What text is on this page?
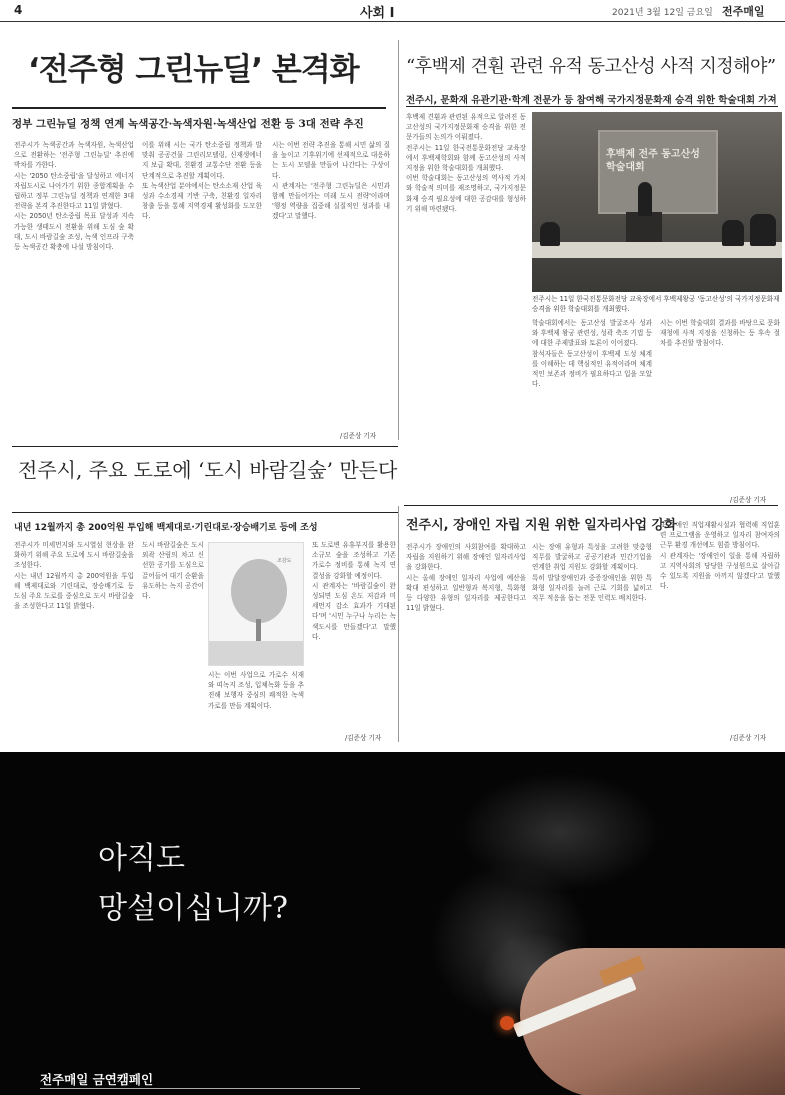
4	사회 I	2021년 3월 12일 금요일 전주매일
‘전주형 그린뉴딜’ 본격화
정부 그린뉴딜 정책 연계 녹색공간·녹색자원·녹색산업 전환 등 3대 전략 추진

전주시가 녹색공간과 녹색자원, 녹색산업으로 전환하는 '전주형 그린뉴딜' 추진에 박차를 가한다.

시는 '2050 탄소중립'을 달성하고 에너지 자립도시로 나아가기 위한 종합계획을 수립하고 정부 그린뉴딜 정책과 연계한 3대 전략을 본격 추진한다고 11일 밝혔다.

시는 2050년 탄소중립 목표 달성과 지속가능한 생태도시 전환을 위해 도심 숲 확대, 도시 바람길숲 조성, 녹색 인프라 구축 등 녹색공간 확충에 나설 방침이다.

이를 위해 시는 국가 탄소중립 정책과 발맞춰 공공건물 그린리모델링, 신재생에너지 보급 확대, 친환경 교통수단 전환 등을 단계적으로 추진할 계획이다.

또 녹색산업 분야에서는 탄소소재 산업 육성과 수소경제 기반 구축, 친환경 일자리 창출 등을 통해 지역경제 활성화를 도모한다.

시는 이번 전략 추진을 통해 시민 삶의 질을 높이고 기후위기에 선제적으로 대응하는 도시 모델을 만들어 나간다는 구상이다.

시 관계자는 '전주형 그린뉴딜은 시민과 함께 만들어가는 미래 도시 전략'이라며 '행정 역량을 집중해 실질적인 성과를 내겠다'고 말했다.

/김준상 기자
“후백제 견훤 관련 유적 동고산성 사적 지정해야”
전주시, 문화재 유관기관·학계 전문가 등 참여해 국가지정문화재 승격 위한 학술대회 가져

후백제 견훤과 관련된 유적으로 알려진 동고산성의 국가지정문화재 승격을 위한 전문가들의 논의가 이뤄졌다.

전주시는 11일 한국전통문화전당 교육장에서 후백제학회와 함께 동고산성의 사적 지정을 위한 학술대회를 개최했다.

이번 학술대회는 동고산성의 역사적 가치와 학술적 의미를 재조명하고, 국가지정문화재 승격 필요성에 대한 공감대를 형성하기 위해 마련됐다.

후백제 전주 동고산성 학술대회
전주시는 11일 한국전통문화전당 교육장에서 후백제왕궁 '동고산성'의 국가지정문화재 승격을 위한 학술대회를 개최했다.

학술대회에서는 동고산성 발굴조사 성과와 후백제 왕궁 관련성, 성곽 축조 기법 등에 대한 주제발표와 토론이 이어졌다.

참석자들은 동고산성이 후백제 도성 체계를 이해하는 데 핵심적인 유적이라며 체계적인 보존과 정비가 필요하다고 입을 모았다.

시는 이번 학술대회 결과를 바탕으로 문화재청에 사적 지정을 신청하는 등 후속 절차를 추진할 방침이다.

/김준상 기자
전주시, 주요 도로에 ‘도시 바람길숲’ 만든다
내년 12월까지 총 200억원 투입해 백제대로·기린대로·장승배기로 등에 조성

전주시가 미세먼지와 도시열섬 현상을 완화하기 위해 주요 도로에 도시 바람길숲을 조성한다.

시는 내년 12월까지 총 200억원을 투입해 백제대로와 기린대로, 장승배기로 등 도심 주요 도로를 중심으로 도시 바람길숲을 조성한다고 11일 밝혔다.

도시 바람길숲은 도시 외곽 산림의 차고 신선한 공기를 도심으로 끌어들여 대기 순환을 유도하는 녹지 공간이다.

조감도

시는 이번 사업으로 가로수 식재와 띠녹지 조성, 입체녹화 등을 추진해 보행자 중심의 쾌적한 녹색 가로를 만들 계획이다.

또 도로변 유휴부지를 활용한 소규모 숲을 조성하고 기존 가로수 정비를 통해 녹지 연결성을 강화할 예정이다.

시 관계자는 '바람길숲이 완성되면 도심 온도 저감과 미세먼지 감소 효과가 기대된다'며 '시민 누구나 누리는 녹색도시를 만들겠다'고 말했다.

/김준상 기자
전주시, 장애인 자립 지원 위한 일자리사업 강화

전주시가 장애인의 사회참여를 확대하고 자립을 지원하기 위해 장애인 일자리사업을 강화한다.

시는 올해 장애인 일자리 사업에 예산을 확대 편성하고 일반형과 복지형, 특화형 등 다양한 유형의 일자리를 제공한다고 11일 밝혔다.

시는 장애 유형과 특성을 고려한 맞춤형 직무를 발굴하고 공공기관과 민간기업을 연계한 취업 지원도 강화할 계획이다.

특히 발달장애인과 중증장애인을 위한 특화형 일자리를 늘려 근로 기회를 넓히고 직무 적응을 돕는 전문 인력도 배치한다.

또 장애인 직업재활시설과 협력해 직업훈련 프로그램을 운영하고 일자리 참여자의 근무 환경 개선에도 힘쓸 방침이다.

시 관계자는 '장애인이 일을 통해 자립하고 지역사회의 당당한 구성원으로 살아갈 수 있도록 지원을 아끼지 않겠다'고 말했다.

/김준상 기자
아직도
망설이십니까?
전주매일 금연캠페인
